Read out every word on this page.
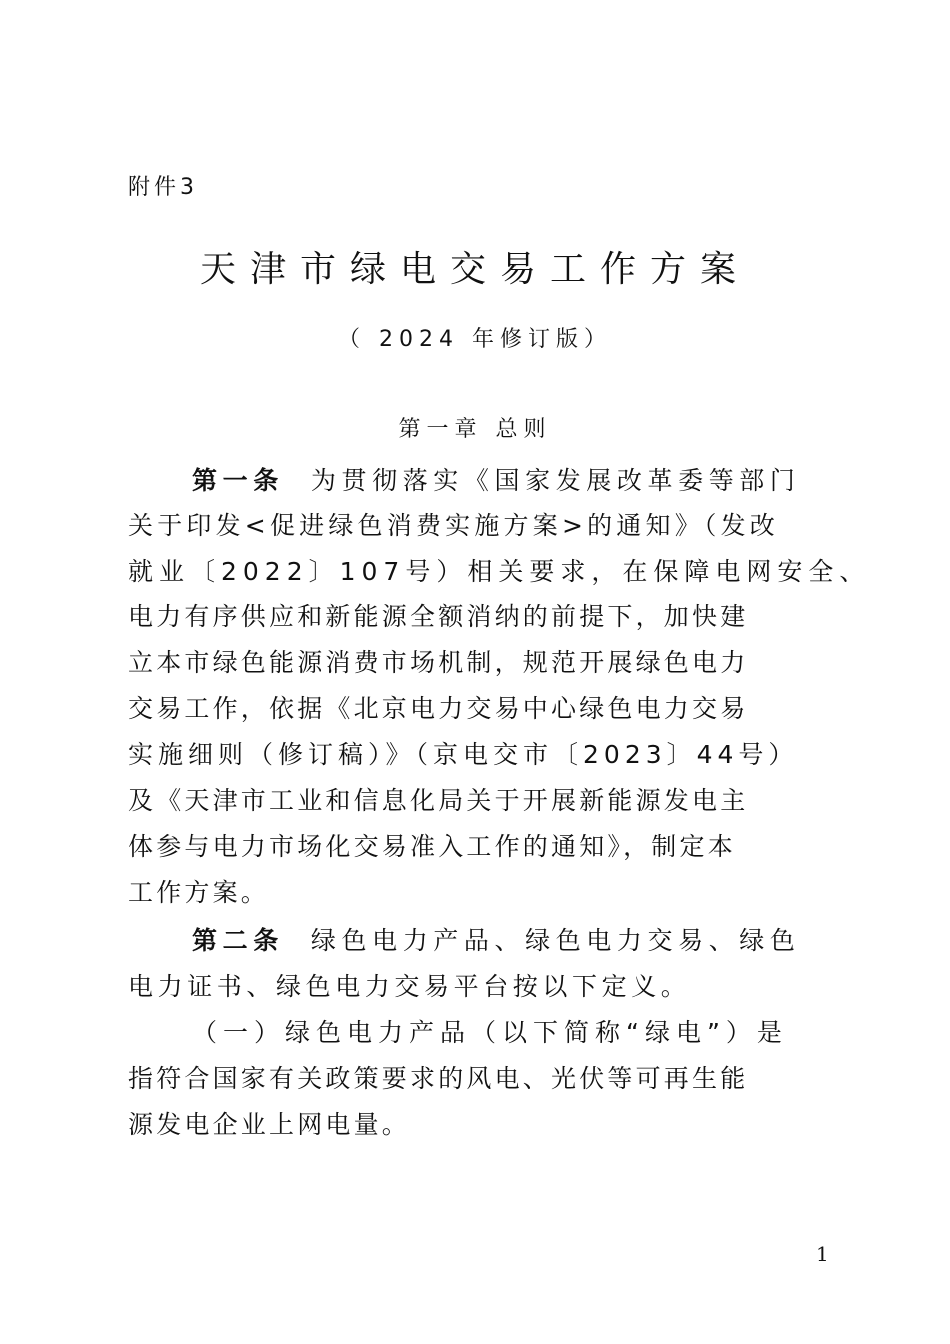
附件3
天津市绿电交易工作方案
（ 2024 年修订版）
第一章 总则
第一条 为贯彻落实《国家发展改革委等部门
关于印发<促进绿色消费实施方案>的通知》（发改
就业〔2022〕107号）相关要求，在保障电网安全、
电力有序供应和新能源全额消纳的前提下，加快建
立本市绿色能源消费市场机制，规范开展绿色电力
交易工作，依据《北京电力交易中心绿色电力交易
实施细则（修订稿）》（京电交市〔2023〕44号）
及《天津市工业和信息化局关于开展新能源发电主
体参与电力市场化交易准入工作的通知》，制定本
工作方案。
第二条 绿色电力产品、绿色电力交易、绿色
电力证书、绿色电力交易平台按以下定义。
（一）绿色电力产品（以下简称“绿电”）是
指符合国家有关政策要求的风电、光伏等可再生能
源发电企业上网电量。
1
